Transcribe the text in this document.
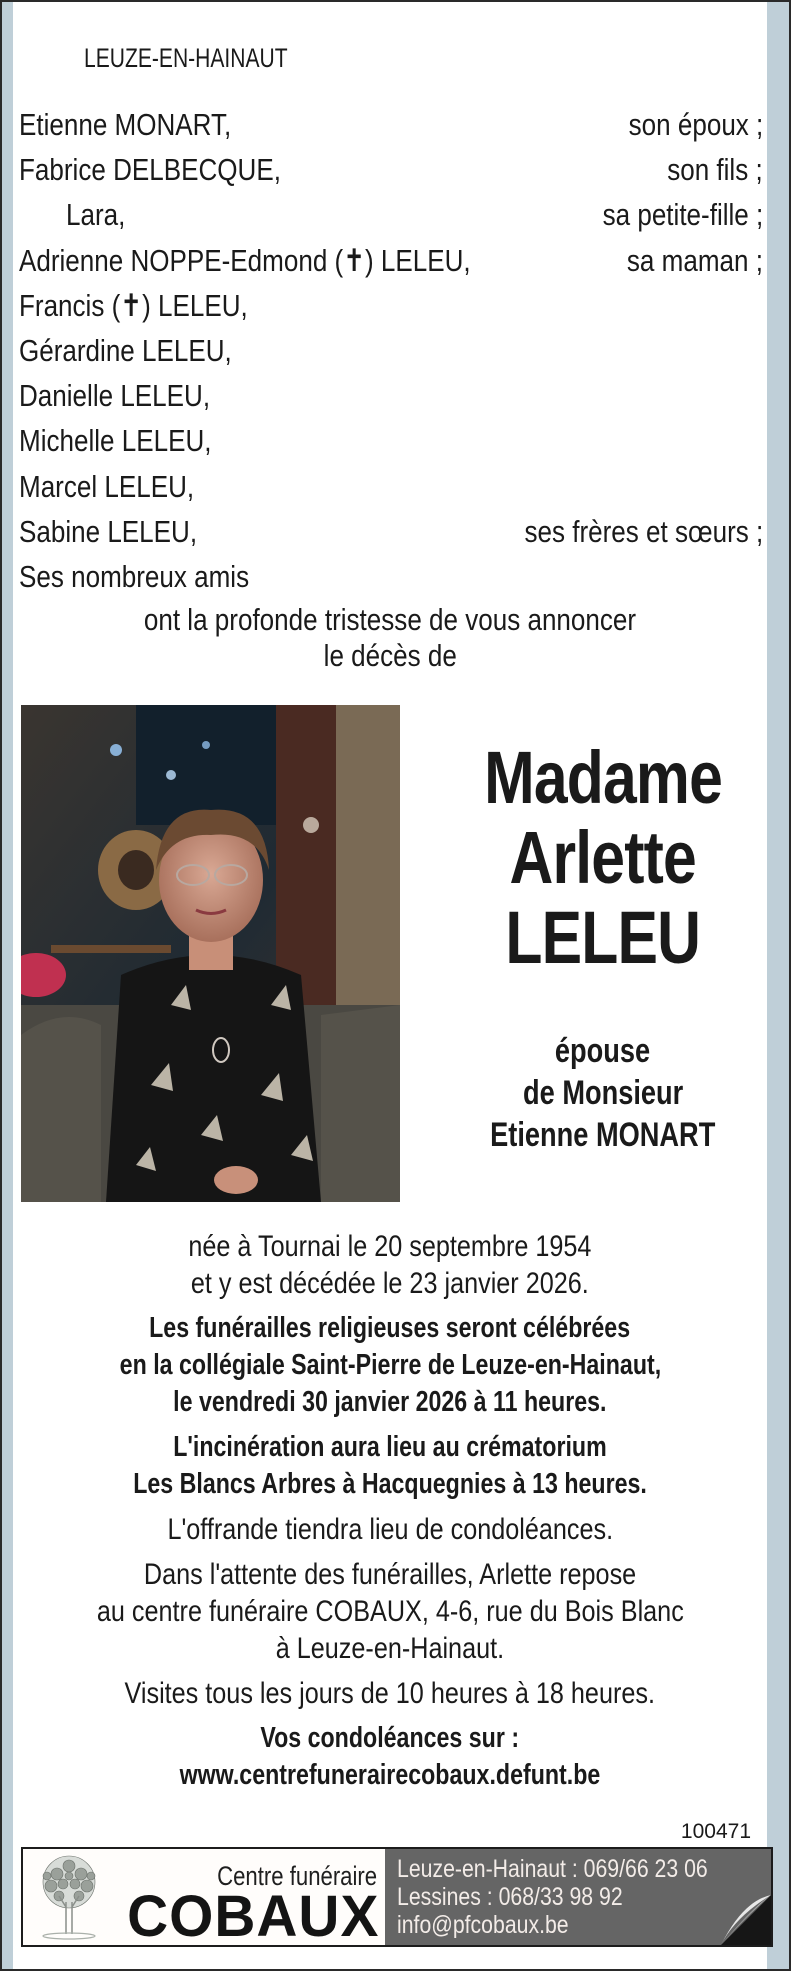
LEUZE-EN-HAINAUT
Etienne MONART,	son époux ;
Fabrice DELBECQUE,	son fils ;
Lara,	sa petite-fille ;
Adrienne NOPPE-Edmond (✝) LELEU,	sa maman ;
Francis (✝) LELEU,
Gérardine LELEU,
Danielle LELEU,
Michelle LELEU,
Marcel LELEU,
Sabine LELEU,	ses frères et sœurs ;
Ses nombreux amis
ont la profonde tristesse de vous annoncer
le décès de
Madame
Arlette
LELEU
épouse
de Monsieur
Etienne MONART
née à Tournai le 20 septembre 1954
et y est décédée le 23 janvier 2026.
Les funérailles religieuses seront célébrées
en la collégiale Saint-Pierre de Leuze-en-Hainaut,
le vendredi 30 janvier 2026 à 11 heures.
L'incinération aura lieu au crématorium
Les Blancs Arbres à Hacquegnies à 13 heures.
L'offrande tiendra lieu de condoléances.
Dans l'attente des funérailles, Arlette repose
au centre funéraire COBAUX, 4-6, rue du Bois Blanc
à Leuze-en-Hainaut.
Visites tous les jours de 10 heures à 18 heures.
Vos condoléances sur :
www.centrefunerairecobaux.defunt.be
100471
Centre funéraire
COBAUX
Leuze-en-Hainaut : 069/66 23 06
Lessines : 068/33 98 92
info@pfcobaux.be
